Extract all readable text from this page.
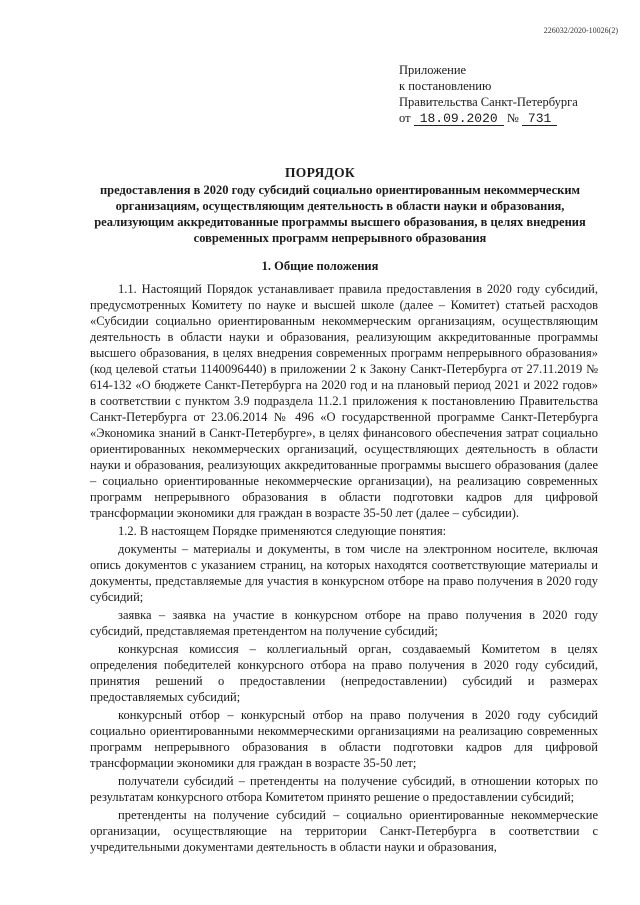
226032/2020-10026(2)
Приложение
к постановлению
Правительства Санкт-Петербурга
от 18.09.2020 № 731
ПОРЯДОК
предоставления в 2020 году субсидий социально ориентированным некоммерческим организациям, осуществляющим деятельность в области науки и образования, реализующим аккредитованные программы высшего образования, в целях внедрения современных программ непрерывного образования
1. Общие положения

1.1. Настоящий Порядок устанавливает правила предоставления в 2020 году субсидий, предусмотренных Комитету по науке и высшей школе (далее – Комитет) статьей расходов «Субсидии социально ориентированным некоммерческим организациям, осуществляющим деятельность в области науки и образования, реализующим аккредитованные программы высшего образования, в целях внедрения современных программ непрерывного образования» (код целевой статьи 1140096440) в приложении 2 к Закону Санкт-Петербурга от 27.11.2019 № 614-132 «О бюджете Санкт-Петербурга на 2020 год и на плановый период 2021 и 2022 годов» в соответствии с пунктом 3.9 подраздела 11.2.1 приложения к постановлению Правительства Санкт-Петербурга от 23.06.2014 № 496 «О государственной программе Санкт-Петербурга «Экономика знаний в Санкт-Петербурге», в целях финансового обеспечения затрат социально ориентированных некоммерческих организаций, осуществляющих деятельность в области науки и образования, реализующих аккредитованные программы высшего образования (далее – социально ориентированные некоммерческие организации), на реализацию современных программ непрерывного образования в области подготовки кадров для цифровой трансформации экономики для граждан в возрасте 35-50 лет (далее – субсидии).

1.2. В настоящем Порядке применяются следующие понятия:

документы – материалы и документы, в том числе на электронном носителе, включая опись документов с указанием страниц, на которых находятся соответствующие материалы и документы, представляемые для участия в конкурсном отборе на право получения в 2020 году субсидий;

заявка – заявка на участие в конкурсном отборе на право получения в 2020 году субсидий, представляемая претендентом на получение субсидий;

конкурсная комиссия – коллегиальный орган, создаваемый Комитетом в целях определения победителей конкурсного отбора на право получения в 2020 году субсидий, принятия решений о предоставлении (непредоставлении) субсидий и размерах предоставляемых субсидий;

конкурсный отбор – конкурсный отбор на право получения в 2020 году субсидий социально ориентированными некоммерческими организациями на реализацию современных программ непрерывного образования в области подготовки кадров для цифровой трансформации экономики для граждан в возрасте 35-50 лет;

получатели субсидий – претенденты на получение субсидий, в отношении которых по результатам конкурсного отбора Комитетом принято решение о предоставлении субсидий;

претенденты на получение субсидий – социально ориентированные некоммерческие организации, осуществляющие на территории Санкт-Петербурга в соответствии с учредительными документами деятельность в области науки и образования,
